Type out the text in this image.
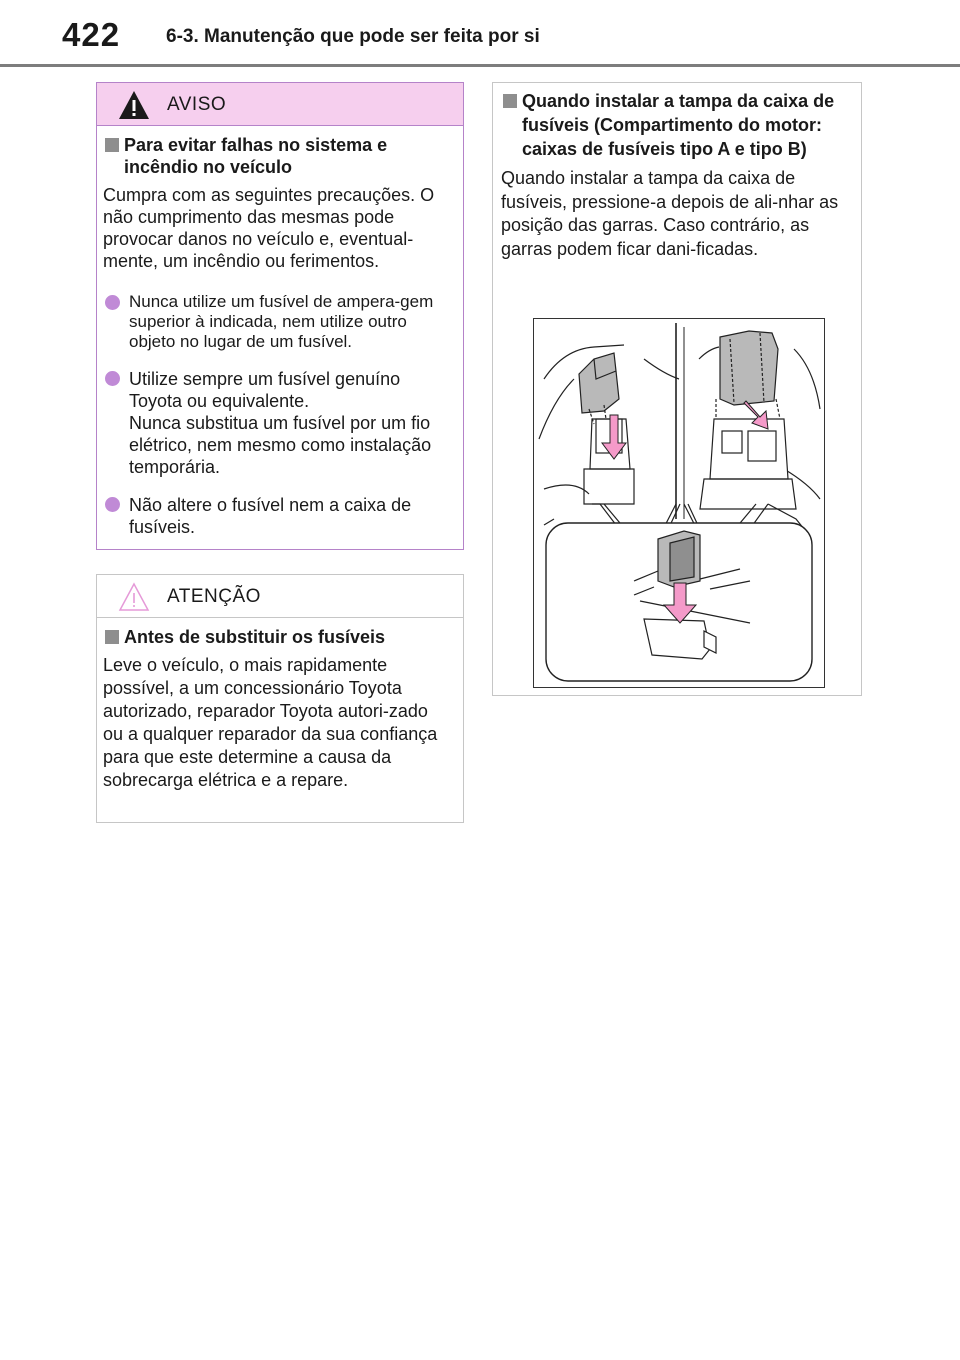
422 6-3. Manutenção que pode ser feita por si
AVISO
Para evitar falhas no sistema e incêndio no veículo

Cumpra com as seguintes precauções. O não cumprimento das mesmas pode provocar danos no veículo e, eventual-mente, um incêndio ou ferimentos.

Nunca utilize um fusível de ampera-gem superior à indicada, nem utilize outro objeto no lugar de um fusível.
Utilize sempre um fusível genuíno Toyota ou equivalente.
Nunca substitua um fusível por um fio elétrico, nem mesmo como instalação temporária.
Não altere o fusível nem a caixa de fusíveis.
ATENÇÃO
Antes de substituir os fusíveis

Leve o veículo, o mais rapidamente possível, a um concessionário Toyota autorizado, reparador Toyota autori-zado ou a qualquer reparador da sua confiança para que este determine a causa da sobrecarga elétrica e a repare.

Quando instalar a tampa da caixa de fusíveis (Compartimento do motor: caixas de fusíveis tipo A e tipo B)

Quando instalar a tampa da caixa de fusíveis, pressione-a depois de ali-nhar as posição das garras. Caso contrário, as garras podem ficar dani-ficadas.
